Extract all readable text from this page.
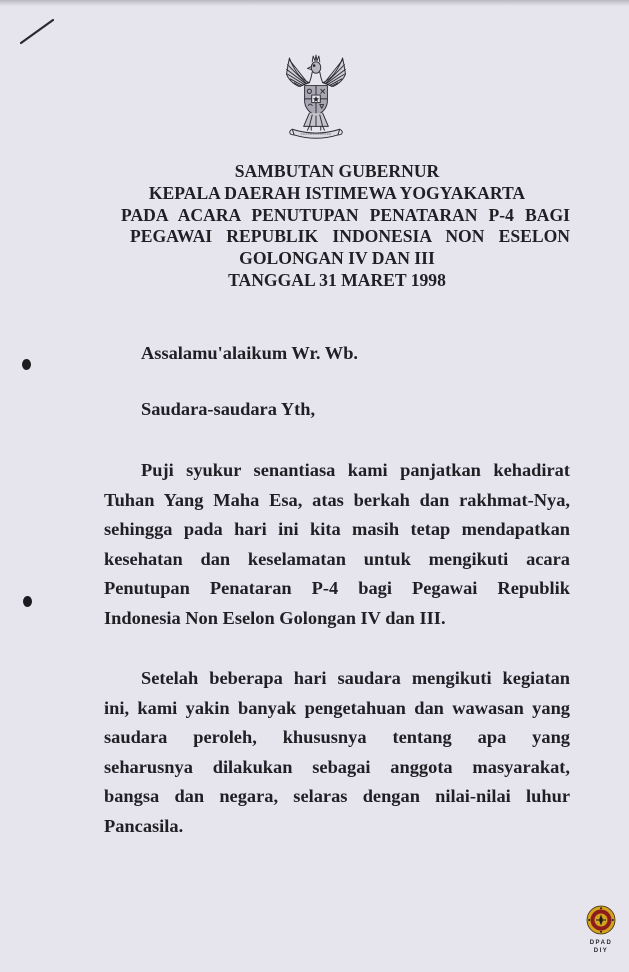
SAMBUTAN GUBERNUR
KEPALA DAERAH ISTIMEWA YOGYAKARTA
PADA ACARA PENUTUPAN PENATARAN P-4 BAGI
PEGAWAI REPUBLIK INDONESIA NON ESELON
GOLONGAN IV DAN III
TANGGAL 31 MARET 1998
Assalamu'alaikum Wr. Wb.
Saudara-saudara Yth,
Puji syukur senantiasa kami panjatkan kehadirat
Tuhan Yang Maha Esa, atas berkah dan rakhmat-Nya,
sehingga pada hari ini kita masih tetap mendapatkan
kesehatan dan keselamatan untuk mengikuti acara
Penutupan Penataran P-4 bagi Pegawai Republik
Indonesia Non Eselon Golongan IV dan III.
Setelah beberapa hari saudara mengikuti kegiatan
ini, kami yakin banyak pengetahuan dan wawasan yang
saudara peroleh, khususnya tentang apa yang
seharusnya dilakukan sebagai anggota masyarakat,
bangsa dan negara, selaras dengan nilai-nilai luhur
Pancasila.
DPAD
DIY
